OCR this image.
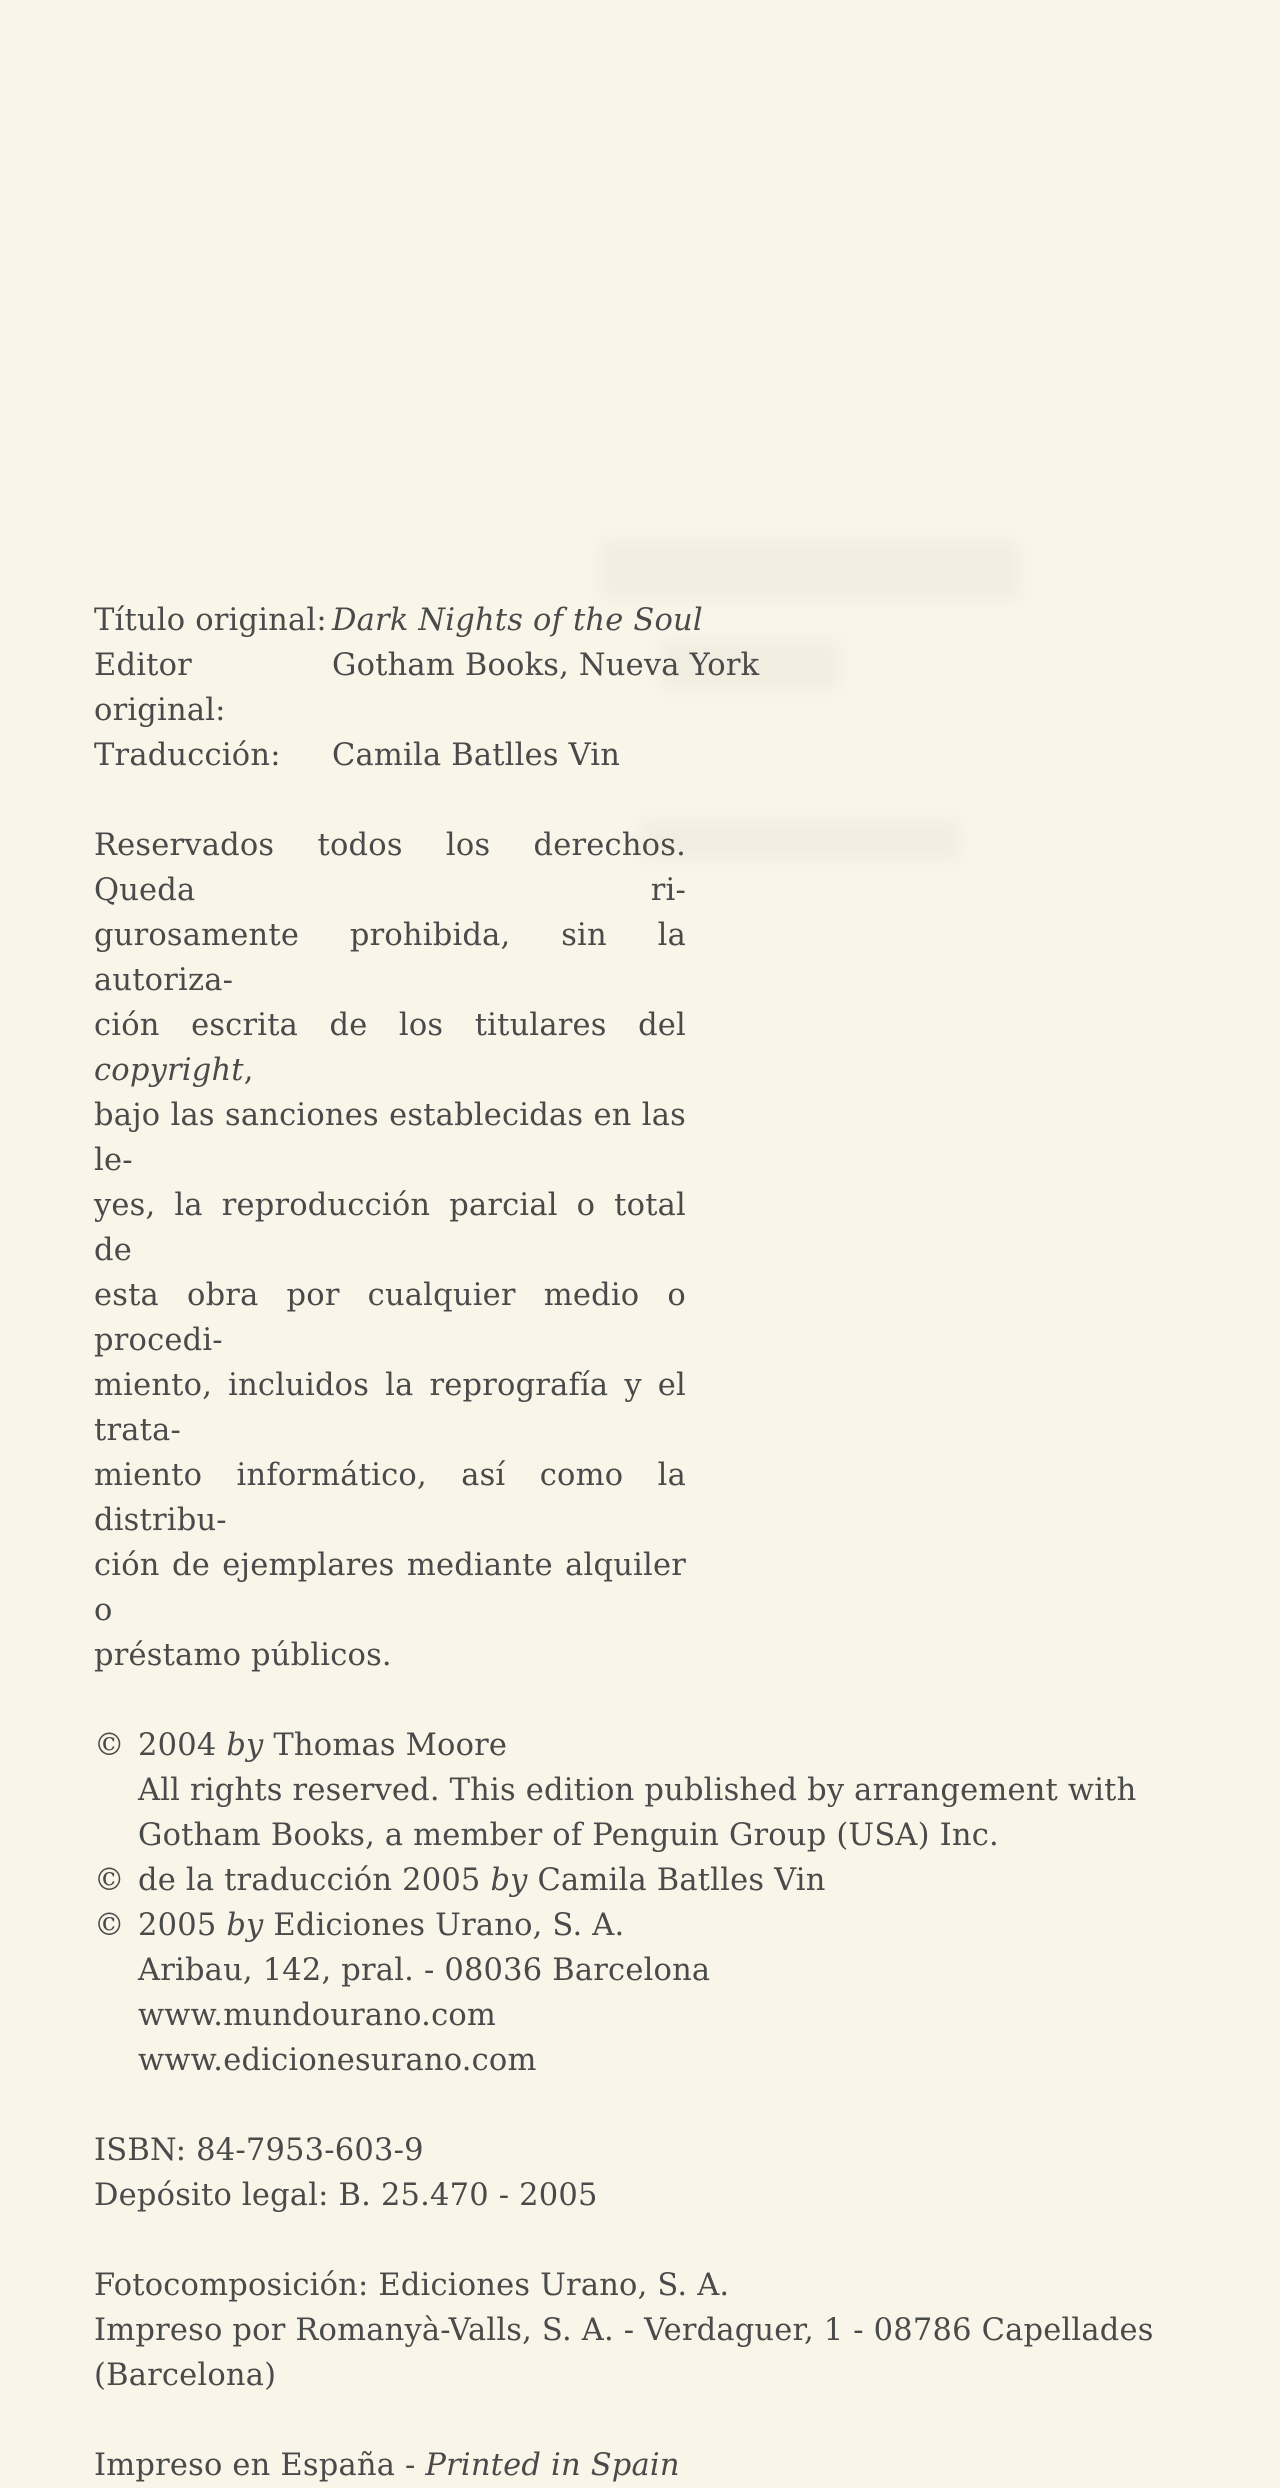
Título original: Dark Nights of the Soul
Editor original:
Gotham Books, Nueva York
Traducción:	Camila Batlles Vin
Reservados todos los derechos. Queda ri-
gurosamente prohibida, sin la autoriza-
ción escrita de los titulares del copyright,
bajo las sanciones establecidas en las le-
yes, la reproducción parcial o total de
esta obra por cualquier medio o procedi-
miento, incluidos la reprografía y el trata-
miento informático, así como la distribu-
ción de ejemplares mediante alquiler o
préstamo públicos.
© 2004 by Thomas Moore
All rights reserved. This edition published by arrangement with
Gotham Books, a member of Penguin Group (USA) Inc.
© de la traducción 2005 by Camila Batlles Vin
© 2005 by Ediciones Urano, S. A.
Aribau, 142, pral. - 08036 Barcelona
www.mundourano.com
www.edicionesurano.com
ISBN: 84-7953-603-9
Depósito legal: B. 25.470 - 2005
Fotocomposición: Ediciones Urano, S. A.
Impreso por Romanyà-Valls, S. A. - Verdaguer, 1 - 08786 Capellades
(Barcelona)
Impreso en España - Printed in Spain
